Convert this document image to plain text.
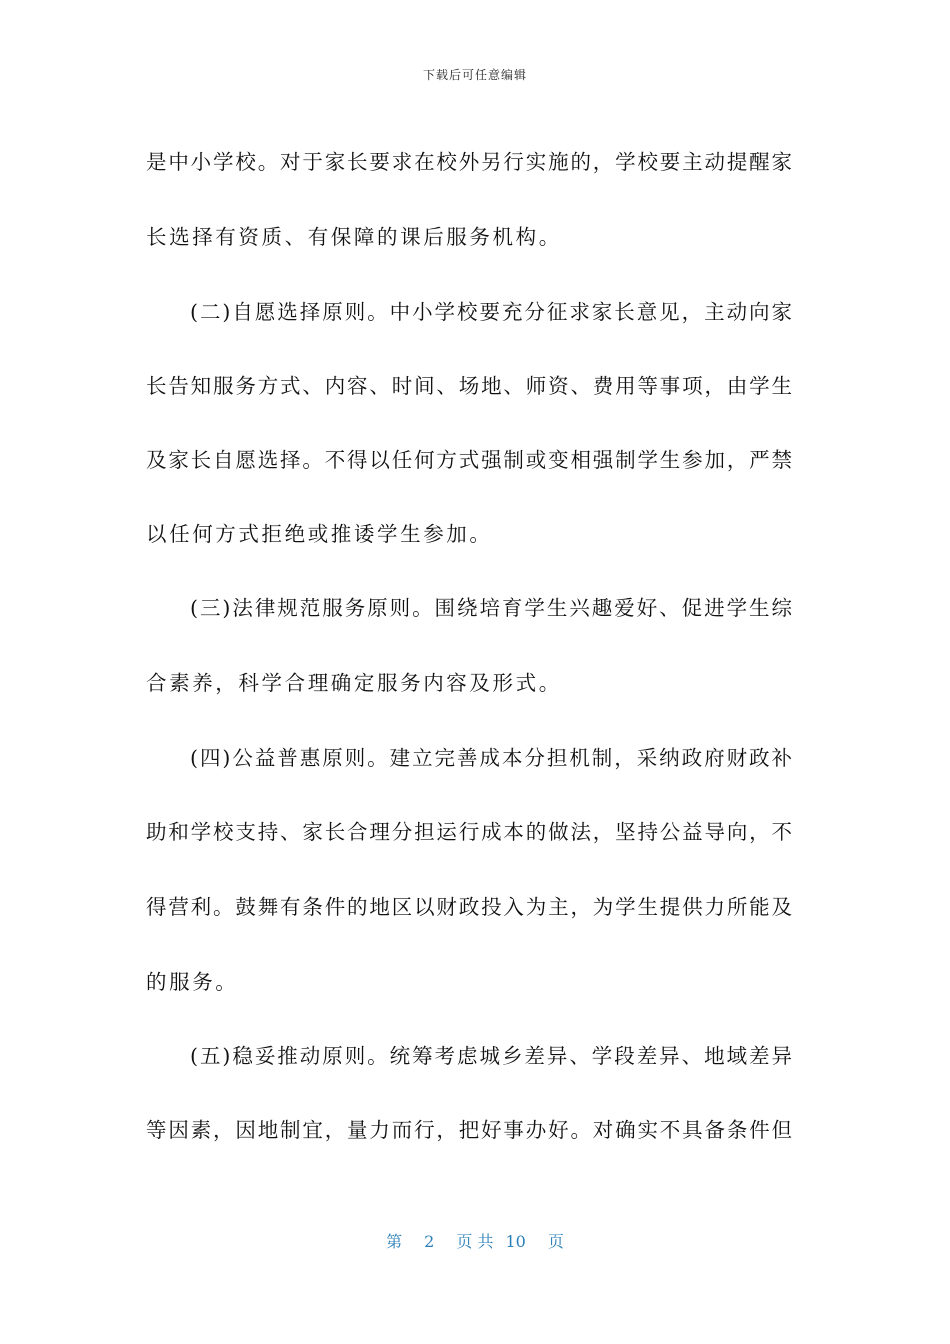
下载后可任意编辑
是中小学校。对于家长要求在校外另行实施的，学校要主动提醒家
长选择有资质、有保障的课后服务机构。
(二)自愿选择原则。中小学校要充分征求家长意见，主动向家
长告知服务方式、内容、时间、场地、师资、费用等事项，由学生
及家长自愿选择。不得以任何方式强制或变相强制学生参加，严禁
以任何方式拒绝或推诿学生参加。
(三)法律规范服务原则。围绕培育学生兴趣爱好、促进学生综
合素养，科学合理确定服务内容及形式。
(四)公益普惠原则。建立完善成本分担机制，采纳政府财政补
助和学校支持、家长合理分担运行成本的做法，坚持公益导向，不
得营利。鼓舞有条件的地区以财政投入为主，为学生提供力所能及
的服务。
(五)稳妥推动原则。统筹考虑城乡差异、学段差异、地域差异
等因素，因地制宜，量力而行，把好事办好。对确实不具备条件但
第 2 页 共 10 页
